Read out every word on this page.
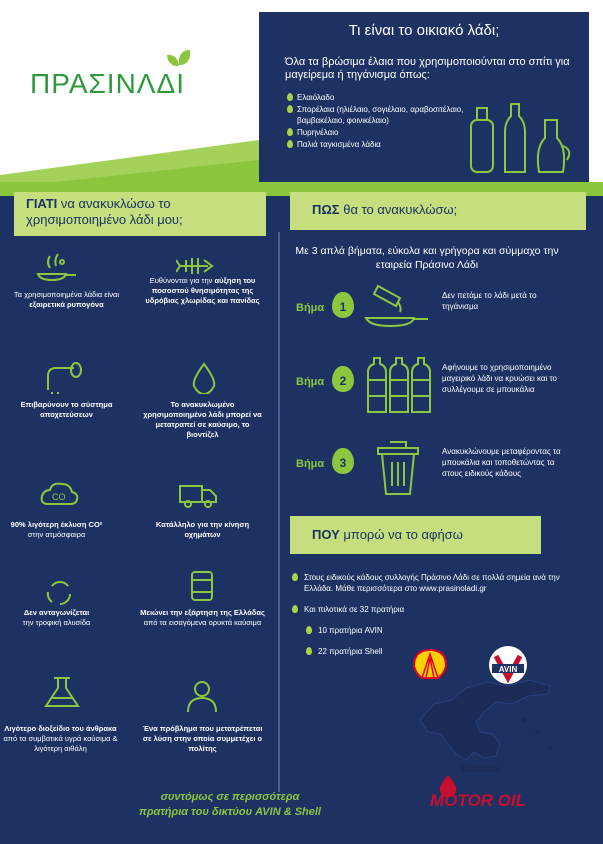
ΠΡΑΣΙΝΛΔΙ
Τι είναι το οικιακό λάδι;
Όλα τα βρώσιμα έλαια που χρησιμοποιούνται στο σπίτι για μαγείρεμα ή τηγάνισμα όπως:
Ελαιόλαδο
Σπορέλαια (ηλιέλαιο, σογιέλαιο, αραβοσιτέλαιο, βαμβακέλαιο, φοινικέλαιο)
Πυρηνέλαιο
Παλιά ταγκισμένα λάδια
ΓΙΑΤΙ να ανακυκλώσω το χρησιμοποιημένο λάδι μου;
ΠΩΣ θα το ανακυκλώσω;
Τα χρησιμοποιημένα λάδια είναι εξαιρετικά ρυπογόνα
Επιβαρύνουν το σύστημα αποχετεύσεων
CO
90% λιγότερη έκλυση CO²
στην ατμόσφαιρα
Δεν ανταγωνίζεται
την τροφική αλυσίδα
Λιγότερο διοξείδιο του άνθρακα από τα συμβατικά υγρά καύσιμα & λιγότερη αιθάλη
Ευθύνονται για την αύξηση του ποσοστού θνησιμότητας της υδρόβιας χλωρίδας και πανίδας
Το ανακυκλωμένο χρησιμοποιημένο λάδι μπορεί να μετατραπεί σε καύσιμο, το βιοντίζελ
Κατάλληλο για την κίνηση οχημάτων
Μειώνει την εξάρτηση της Ελλάδας από τα εισαγόμενα ορυκτά καύσιμα
Ένα πρόβλημα που μετατρέπεται σε λύση στην οποία συμμετέχει ο πολίτης
Με 3 απλά βήματα, εύκολα και γρήγορα και σύμμαχο την εταιρεία Πράσινο Λάδι
Βήμα	1
Δεν πετάμε το λάδι μετά το τηγάνισμα
Βήμα	2
Αφήνουμε το χρησιμοποιημένο μαγειρικό λάδι να κρυώσει και το συλλέγουμε σε μπουκάλια
Βήμα	3
Ανακυκλώνουμε μεταφέροντας τα μπουκάλια και τοποθετώντας τα στους ειδικούς κάδους
ΠΟΥ μπορώ να το αφήσω
Στους ειδικούς κάδους συλλογής Πράσινο Λάδι σε πολλά σημεία ανά την Ελλάδα. Μάθε περισσότερα στο www.prasinoladi.gr
Και πιλοτικά σε 32 πρατήρια
10 πρατήρια AVIN
22 πρατήρια Shell
AVIN
συντόμως σε περισσότερα
πρατήρια του δικτύου AVIN & Shell
MOTOR OIL
